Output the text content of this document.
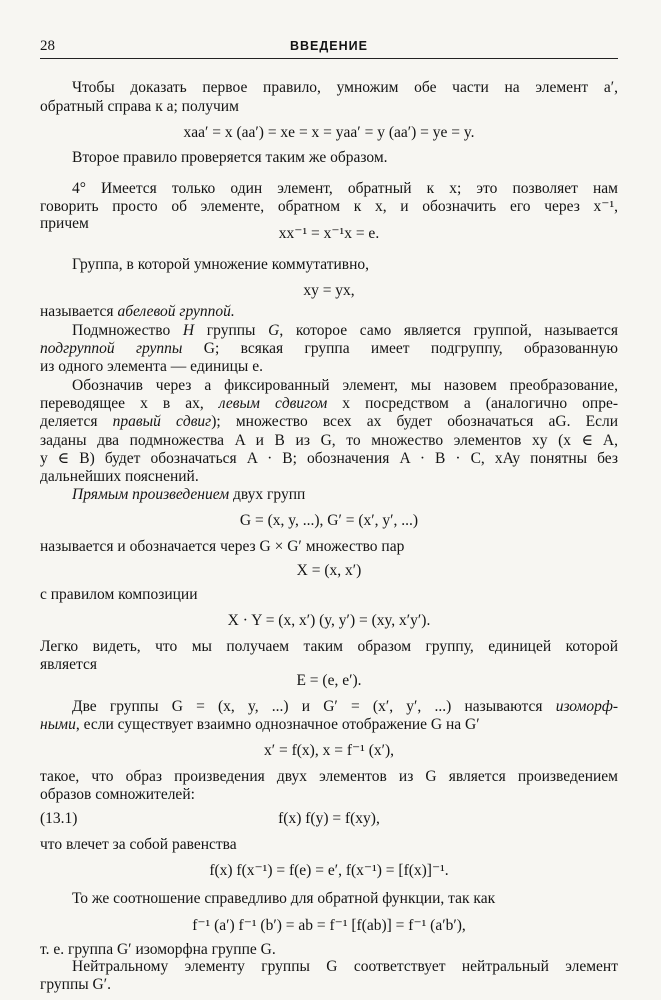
28	ВВЕДЕНИЕ
Чтобы доказать первое правило, умножим обе части на элемент a′,
обратный справа к a; получим
xaa′ = x (aa′) = xe = x = yaa′ = y (aa′) = ye = y.
Второе правило проверяется таким же образом.
4° Имеется только один элемент, обратный к x; это позволяет нам
говорить просто об элементе, обратном к x, и обозначить его через x⁻¹,
причем
xx⁻¹ = x⁻¹x = e.
Группа, в которой умножение коммутативно,
xy = yx,
называется абелевой группой.
Подмножество H группы G, которое само является группой, называется
подгруппой группы G; всякая группа имеет подгруппу, образованную
из одного элемента — единицы e.
Обозначив через a фиксированный элемент, мы назовем преобразование,
переводящее x в ax, левым сдвигом x посредством a (аналогично опре-
деляется правый сдвиг); множество всех ax будет обозначаться aG. Если
заданы два подмножества A и B из G, то множество элементов xy (x ∈ A,
y ∈ B) будет обозначаться A · B; обозначения A · B · C, xAy понятны без
дальнейших пояснений.
Прямым произведением двух групп
G = (x, y, ...), G′ = (x′, y′, ...)
называется и обозначается через G × G′ множество пар
X = (x, x′)
с правилом композиции
X · Y = (x, x′) (y, y′) = (xy, x′y′).
Легко видеть, что мы получаем таким образом группу, единицей которой
является
E = (e, e′).
Две группы G = (x, y, ...) и G′ = (x′, y′, ...) называются изоморф-
ными, если существует взаимно однозначное отображение G на G′
x′ = f(x), x = f⁻¹ (x′),
такое, что образ произведения двух элементов из G является произведением
образов сомножителей:
(13.1)	f(x) f(y) = f(xy),
что влечет за собой равенства
f(x) f(x⁻¹) = f(e) = e′, f(x⁻¹) = [f(x)]⁻¹.
То же соотношение справедливо для обратной функции, так как
f⁻¹ (a′) f⁻¹ (b′) = ab = f⁻¹ [f(ab)] = f⁻¹ (a′b′),
т. е. группа G′ изоморфна группе G.
Нейтральному элементу группы G соответствует нейтральный элемент
группы G′.
